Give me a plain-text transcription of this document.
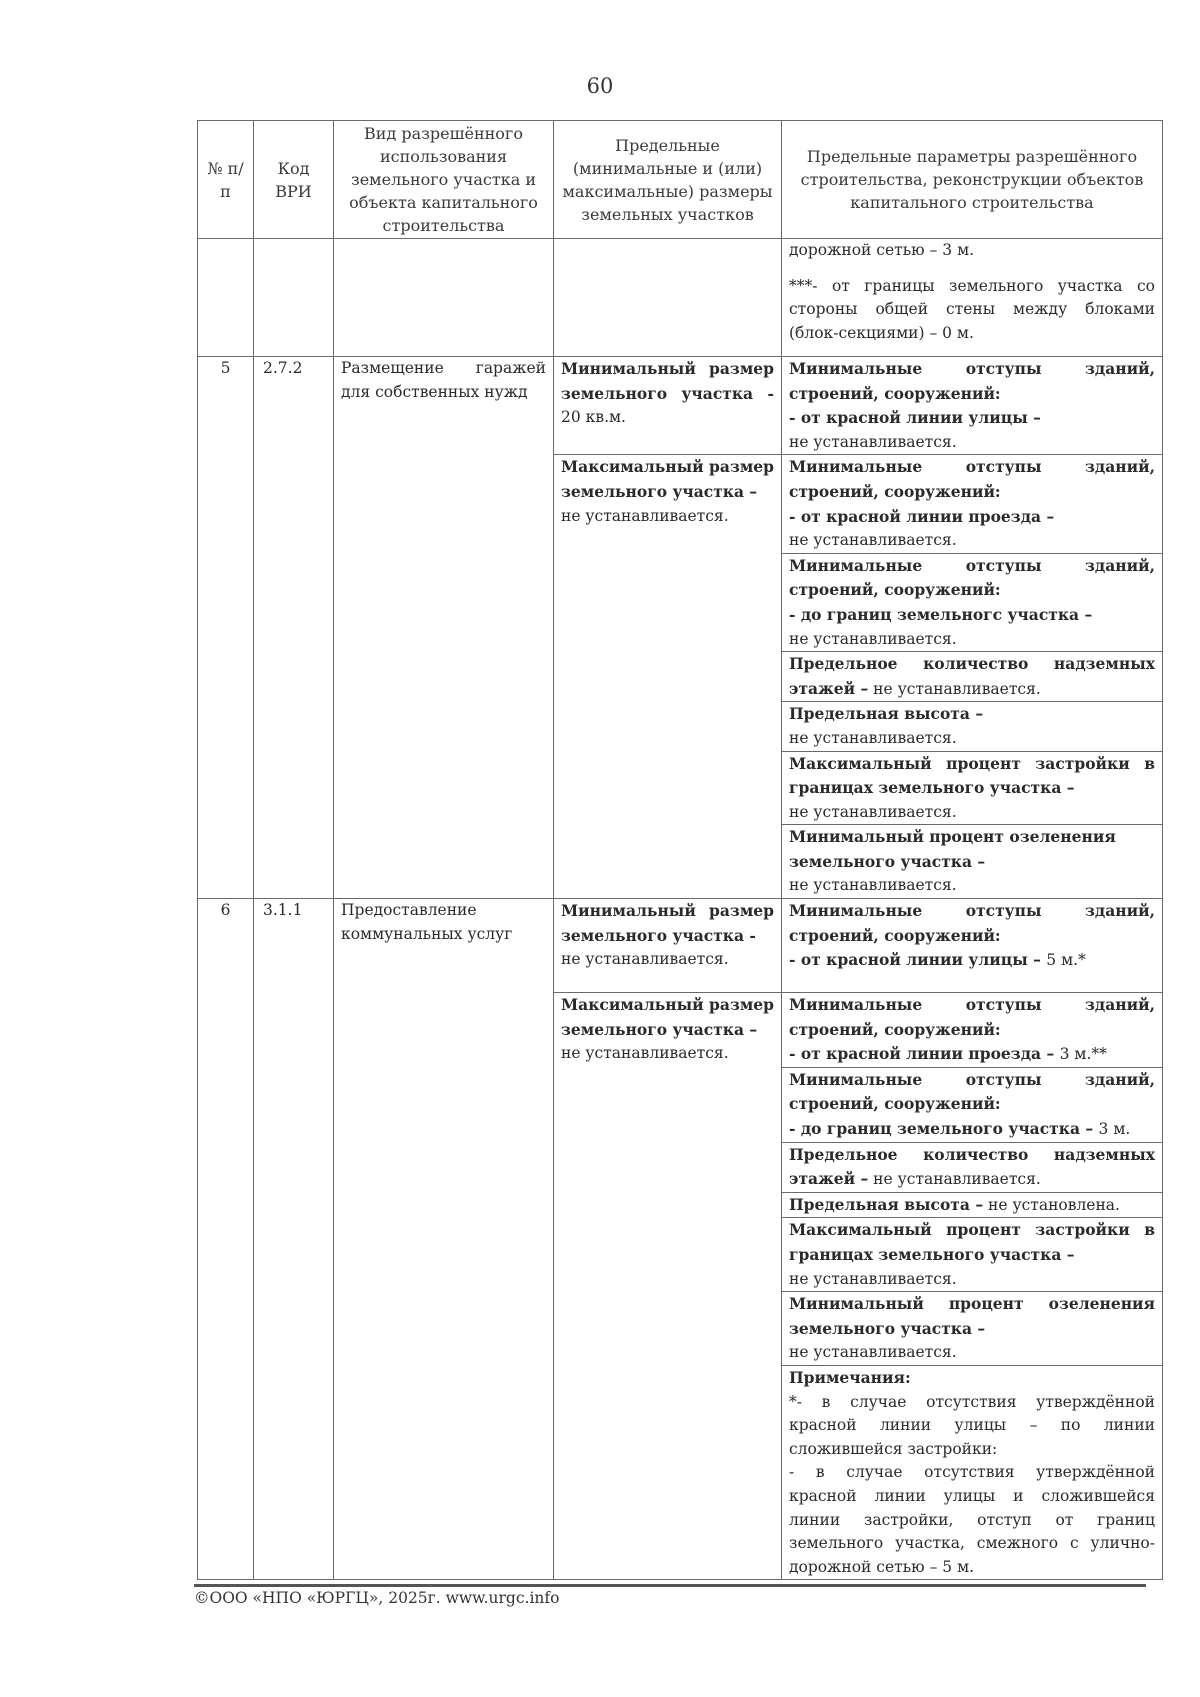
60
№ п/п	Код ВРИ	Вид разрешённого использования земельного участка и объекта капитального строительства	Предельные (минимальные и (или) максимальные) размеры земельных участков	Предельные параметры разрешённого строительства, реконструкции объектов капитального строительства

				дорожной сетью – 3 м.
***- от границы земельного участка со стороны общей стены между блоками (блок-секциями) – 0 м.

5	2.7.2	Размещение гаражей для собственных нужд	Минимальный размер земельного участка - 20 кв.м.	Минимальные отступы зданий, строений, сооружений:
- от красной линии улицы –
не устанавливается.
			Максимальный размер земельного участка –
не устанавливается.	Минимальные отступы зданий, строений, сооружений:
- от красной линии проезда –
не устанавливается.
				Минимальные отступы зданий, строений, сооружений:
- до границ земельногс участка –
не устанавливается.
				Предельное количество надземных этажей – не устанавливается.
				Предельная высота –
не устанавливается.
				Максимальный процент застройки в границах земельного участка –
не устанавливается.
				Минимальный процент озеленения земельного участка –
не устанавливается.
6	3.1.1	Предоставление коммунальных услуг	Минимальный размер земельного участка -
не устанавливается.	Минимальные отступы зданий, строений, сооружений:
- от красной линии улицы – 5 м.*
			Максимальный размер земельного участка –
не устанавливается.	Минимальные отступы зданий, строений, сооружений:
- от красной линии проезда – 3 м.**
				Минимальные отступы зданий, строений, сооружений:
- до границ земельного участка – 3 м.
				Предельное количество надземных этажей – не устанавливается.
				Предельная высота – не установлена.
				Максимальный процент застройки в границах земельного участка –
не устанавливается.
				Минимальный процент озеленения земельного участка –
не устанавливается.
				Примечания:
*- в случае отсутствия утверждённой красной линии улицы – по линии сложившейся застройки:
- в случае отсутствия утверждённой красной линии улицы и сложившейся линии застройки, отступ от границ земельного участка, смежного с улично-дорожной сетью – 5 м.
©ООО «НПО «ЮРГЦ», 2025г. www.urgc.info
